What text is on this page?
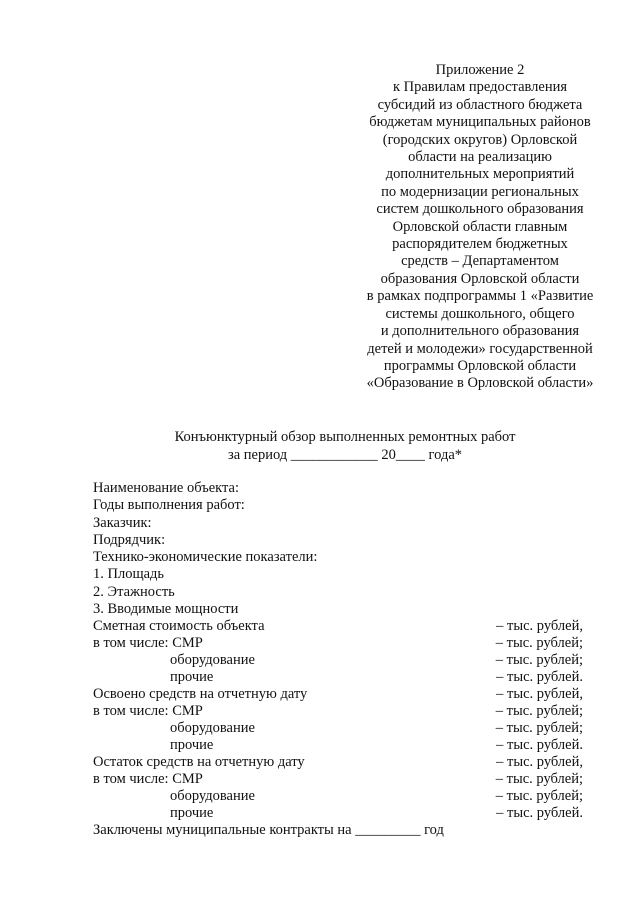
Приложение 2
к Правилам предоставления
субсидий из областного бюджета
бюджетам муниципальных районов
(городских округов) Орловской
области на реализацию
дополнительных мероприятий
по модернизации региональных
систем дошкольного образования
Орловской области главным
распорядителем бюджетных
средств – Департаментом
образования Орловской области
в рамках подпрограммы 1 «Развитие
системы дошкольного, общего
и дополнительного образования
детей и молодежи» государственной
программы Орловской области
«Образование в Орловской области»
Конъюнктурный обзор выполненных ремонтных работ
за период ____________ 20____ года*
Наименование объекта:
Годы выполнения работ:
Заказчик:
Подрядчик:
Технико-экономические показатели:
1. Площадь
2. Этажность
3. Вводимые мощности
Сметная стоимость объекта	– тыс. рублей,
в том числе: СМР	– тыс. рублей;
оборудование	– тыс. рублей;
прочие	– тыс. рублей.
Освоено средств на отчетную дату	– тыс. рублей,
в том числе: СМР	– тыс. рублей;
оборудование	– тыс. рублей;
прочие	– тыс. рублей.
Остаток средств на отчетную дату	– тыс. рублей,
в том числе: СМР	– тыс. рублей;
оборудование	– тыс. рублей;
прочие	– тыс. рублей.
Заключены муниципальные контракты на _________ год
